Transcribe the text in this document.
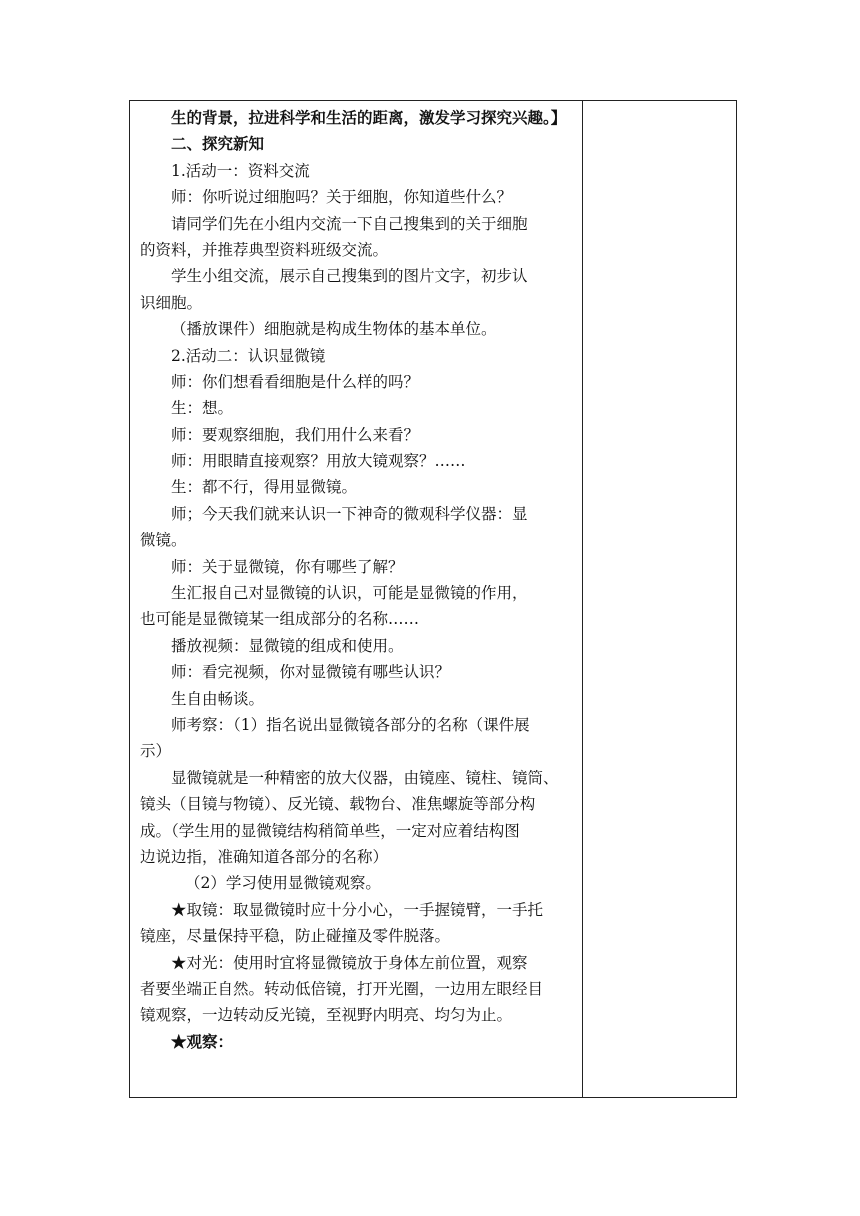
生的背景，拉进科学和生活的距离，激发学习探究兴趣。】
二、探究新知
1.活动一：资料交流
师：你听说过细胞吗？关于细胞，你知道些什么？
请同学们先在小组内交流一下自己搜集到的关于细胞
的资料，并推荐典型资料班级交流。
学生小组交流，展示自己搜集到的图片文字，初步认
识细胞。
（播放课件）细胞就是构成生物体的基本单位。
2.活动二：认识显微镜
师：你们想看看细胞是什么样的吗？
生：想。
师：要观察细胞，我们用什么来看？
师：用眼睛直接观察？用放大镜观察？……
生：都不行，得用显微镜。
师；今天我们就来认识一下神奇的微观科学仪器：显
微镜。
师：关于显微镜，你有哪些了解？
生汇报自己对显微镜的认识，可能是显微镜的作用，
也可能是显微镜某一组成部分的名称……
播放视频：显微镜的组成和使用。
师：看完视频，你对显微镜有哪些认识？
生自由畅谈。
师考察：（1）指名说出显微镜各部分的名称（课件展
示）
显微镜就是一种精密的放大仪器，由镜座、镜柱、镜筒、
镜头（目镜与物镜）、反光镜、载物台、准焦螺旋等部分构
成。（学生用的显微镜结构稍简单些，一定对应着结构图
边说边指，准确知道各部分的名称）
（2）学习使用显微镜观察。
★取镜：取显微镜时应十分小心，一手握镜臂，一手托
镜座，尽量保持平稳，防止碰撞及零件脱落。
★对光：使用时宜将显微镜放于身体左前位置，观察
者要坐端正自然。转动低倍镜，打开光圈，一边用左眼经目
镜观察，一边转动反光镜，至视野内明亮、均匀为止。
★观察：
